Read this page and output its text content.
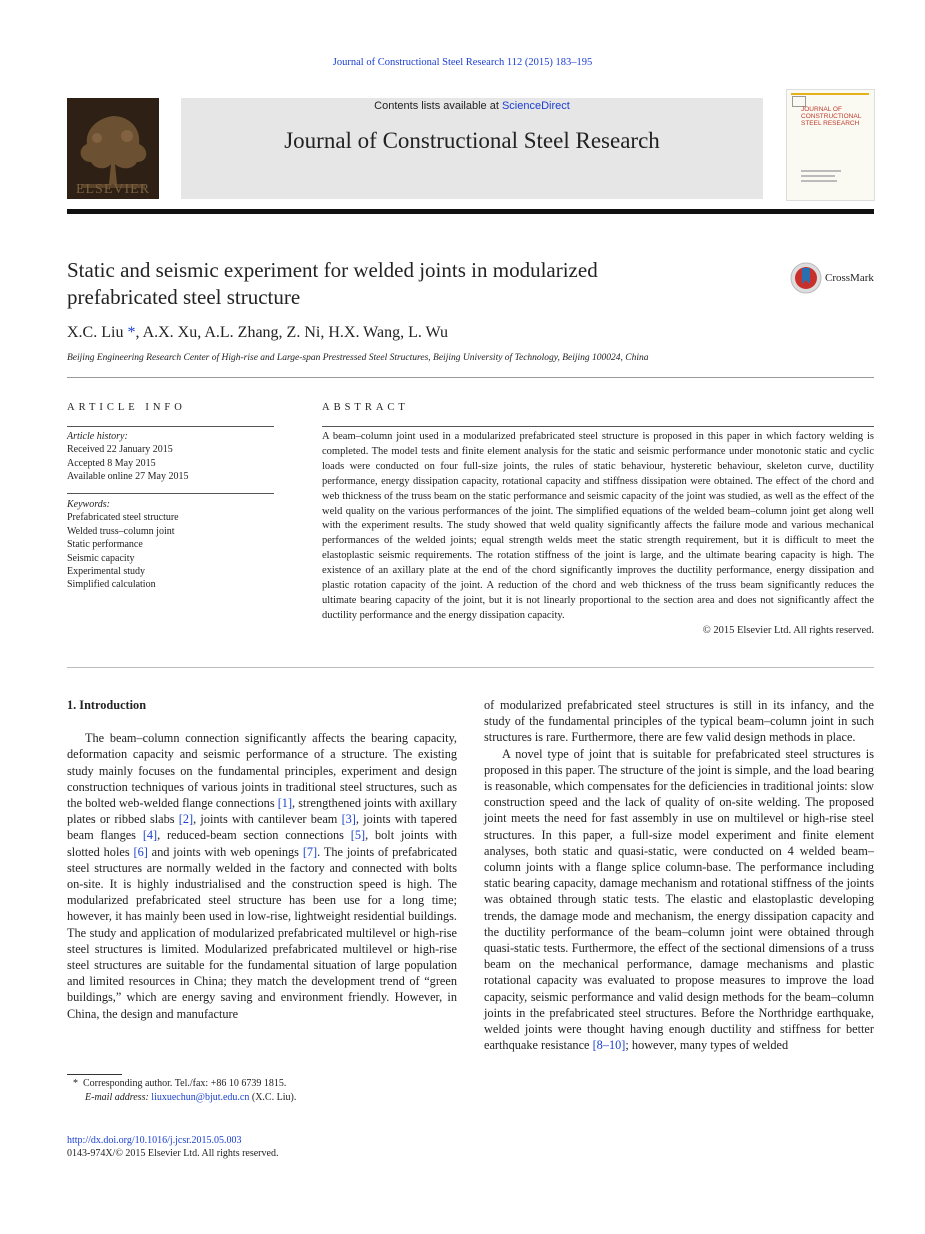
Journal of Constructional Steel Research 112 (2015) 183–195
ELSEVIER
Contents lists available at ScienceDirect
Journal of Constructional Steel Research
JOURNAL OF CONSTRUCTIONAL STEEL RESEARCH
Static and seismic experiment for welded joints in modularized
prefabricated steel structure
CrossMark
X.C. Liu *, A.X. Xu, A.L. Zhang, Z. Ni, H.X. Wang, L. Wu
Beijing Engineering Research Center of High-rise and Large-span Prestressed Steel Structures, Beijing University of Technology, Beijing 100024, China
ARTICLE INFO

Article history:

Received 22 January 2015

Accepted 8 May 2015

Available online 27 May 2015

Keywords:

Prefabricated steel structure

Welded truss–column joint

Static performance

Seismic capacity

Experimental study

Simplified calculation

ABSTRACT
A beam–column joint used in a modularized prefabricated steel structure is proposed in this paper in which factory welding is completed. The model tests and finite element analysis for the static and seismic performance under monotonic static and cyclic loads were conducted on four full-size joints, the rules of static behaviour, hysteretic behaviour, skeleton curve, ductility performance, energy dissipation capacity, rotational capacity and stiffness dissipation were obtained. The effect of the chord and web thickness of the truss beam on the static performance and seismic capacity of the joint was studied, as well as the effect of the weld quality on the various performances of the joint. The simplified equations of the welded beam–column joint get along well with the experiment results. The study showed that weld quality significantly affects the failure mode and various mechanical performances of the welded joints; equal strength welds meet the static strength requirement, but it is difficult to meet the elastoplastic seismic requirements. The rotation stiffness of the joint is large, and the ultimate bearing capacity is high. The existence of an axillary plate at the end of the chord significantly improves the ductility performance, energy dissipation and plastic rotation capacity of the joint. A reduction of the chord and web thickness of the truss beam significantly reduces the ultimate bearing capacity of the joint, but it is not linearly proportional to the section area and does not significantly affect the ductility performance and the energy dissipation capacity.
© 2015 Elsevier Ltd. All rights reserved.

1. Introduction

The beam–column connection significantly affects the bearing capacity, deformation capacity and seismic performance of a structure. The existing study mainly focuses on the fundamental principles, experiment and design construction techniques of various joints in traditional steel structures, such as the bolted web-welded flange connections [1], strengthened joints with axillary plates or ribbed slabs [2], joints with cantilever beam [3], joints with tapered beam flanges [4], reduced-beam section connections [5], bolt joints with slotted holes [6] and joints with web openings [7]. The joints of prefabricated steel structures are normally welded in the factory and connected with bolts on-site. It is highly industrialised and the construction speed is high. The modularized prefabricated steel structure has been use for a long time; however, it has mainly been used in low-rise, lightweight residential buildings. The study and application of modularized prefabricated multilevel or high-rise steel structures is limited. Modularized prefabricated multilevel or high-rise steel structures are suitable for the fundamental situation of large population and limited resources in China; they match the development trend of “green buildings,” which are energy saving and environment friendly. However, in China, the design and manufacture

of modularized prefabricated steel structures is still in its infancy, and the study of the fundamental principles of the typical beam–column joint in such structures is rare. Furthermore, there are few valid design methods in place.

A novel type of joint that is suitable for prefabricated steel structures is proposed in this paper. The structure of the joint is simple, and the load bearing is reasonable, which compensates for the deficiencies in traditional joints: slow construction speed and the lack of quality of on-site welding. The proposed joint meets the need for fast assembly in use on multilevel or high-rise steel structures. In this paper, a full-size model experiment and finite element analyses, both static and quasi-static, were conducted on 4 welded beam–column joints with a flange splice column-base. The performance including static bearing capacity, damage mechanism and rotational stiffness of the joints was obtained through static tests. The elastic and elastoplastic developing trends, the damage mode and mechanism, the energy dissipation capacity and the ductility performance of the beam–column joint were obtained through quasi-static tests. Furthermore, the effect of the sectional dimensions of a truss beam on the mechanical performance, damage mechanisms and plastic rotational capacity was evaluated to propose measures to improve the load capacity, seismic performance and valid design methods for the beam–column joints in the prefabricated steel structures. Before the Northridge earthquake, welded joints were thought having enough ductility and stiffness for better earthquake resistance [8–10]; however, many types of welded

* Corresponding author. Tel./fax: +86 10 6739 1815.
E-mail address: liuxuechun@bjut.edu.cn (X.C. Liu).
http://dx.doi.org/10.1016/j.jcsr.2015.05.003
0143-974X/© 2015 Elsevier Ltd. All rights reserved.
